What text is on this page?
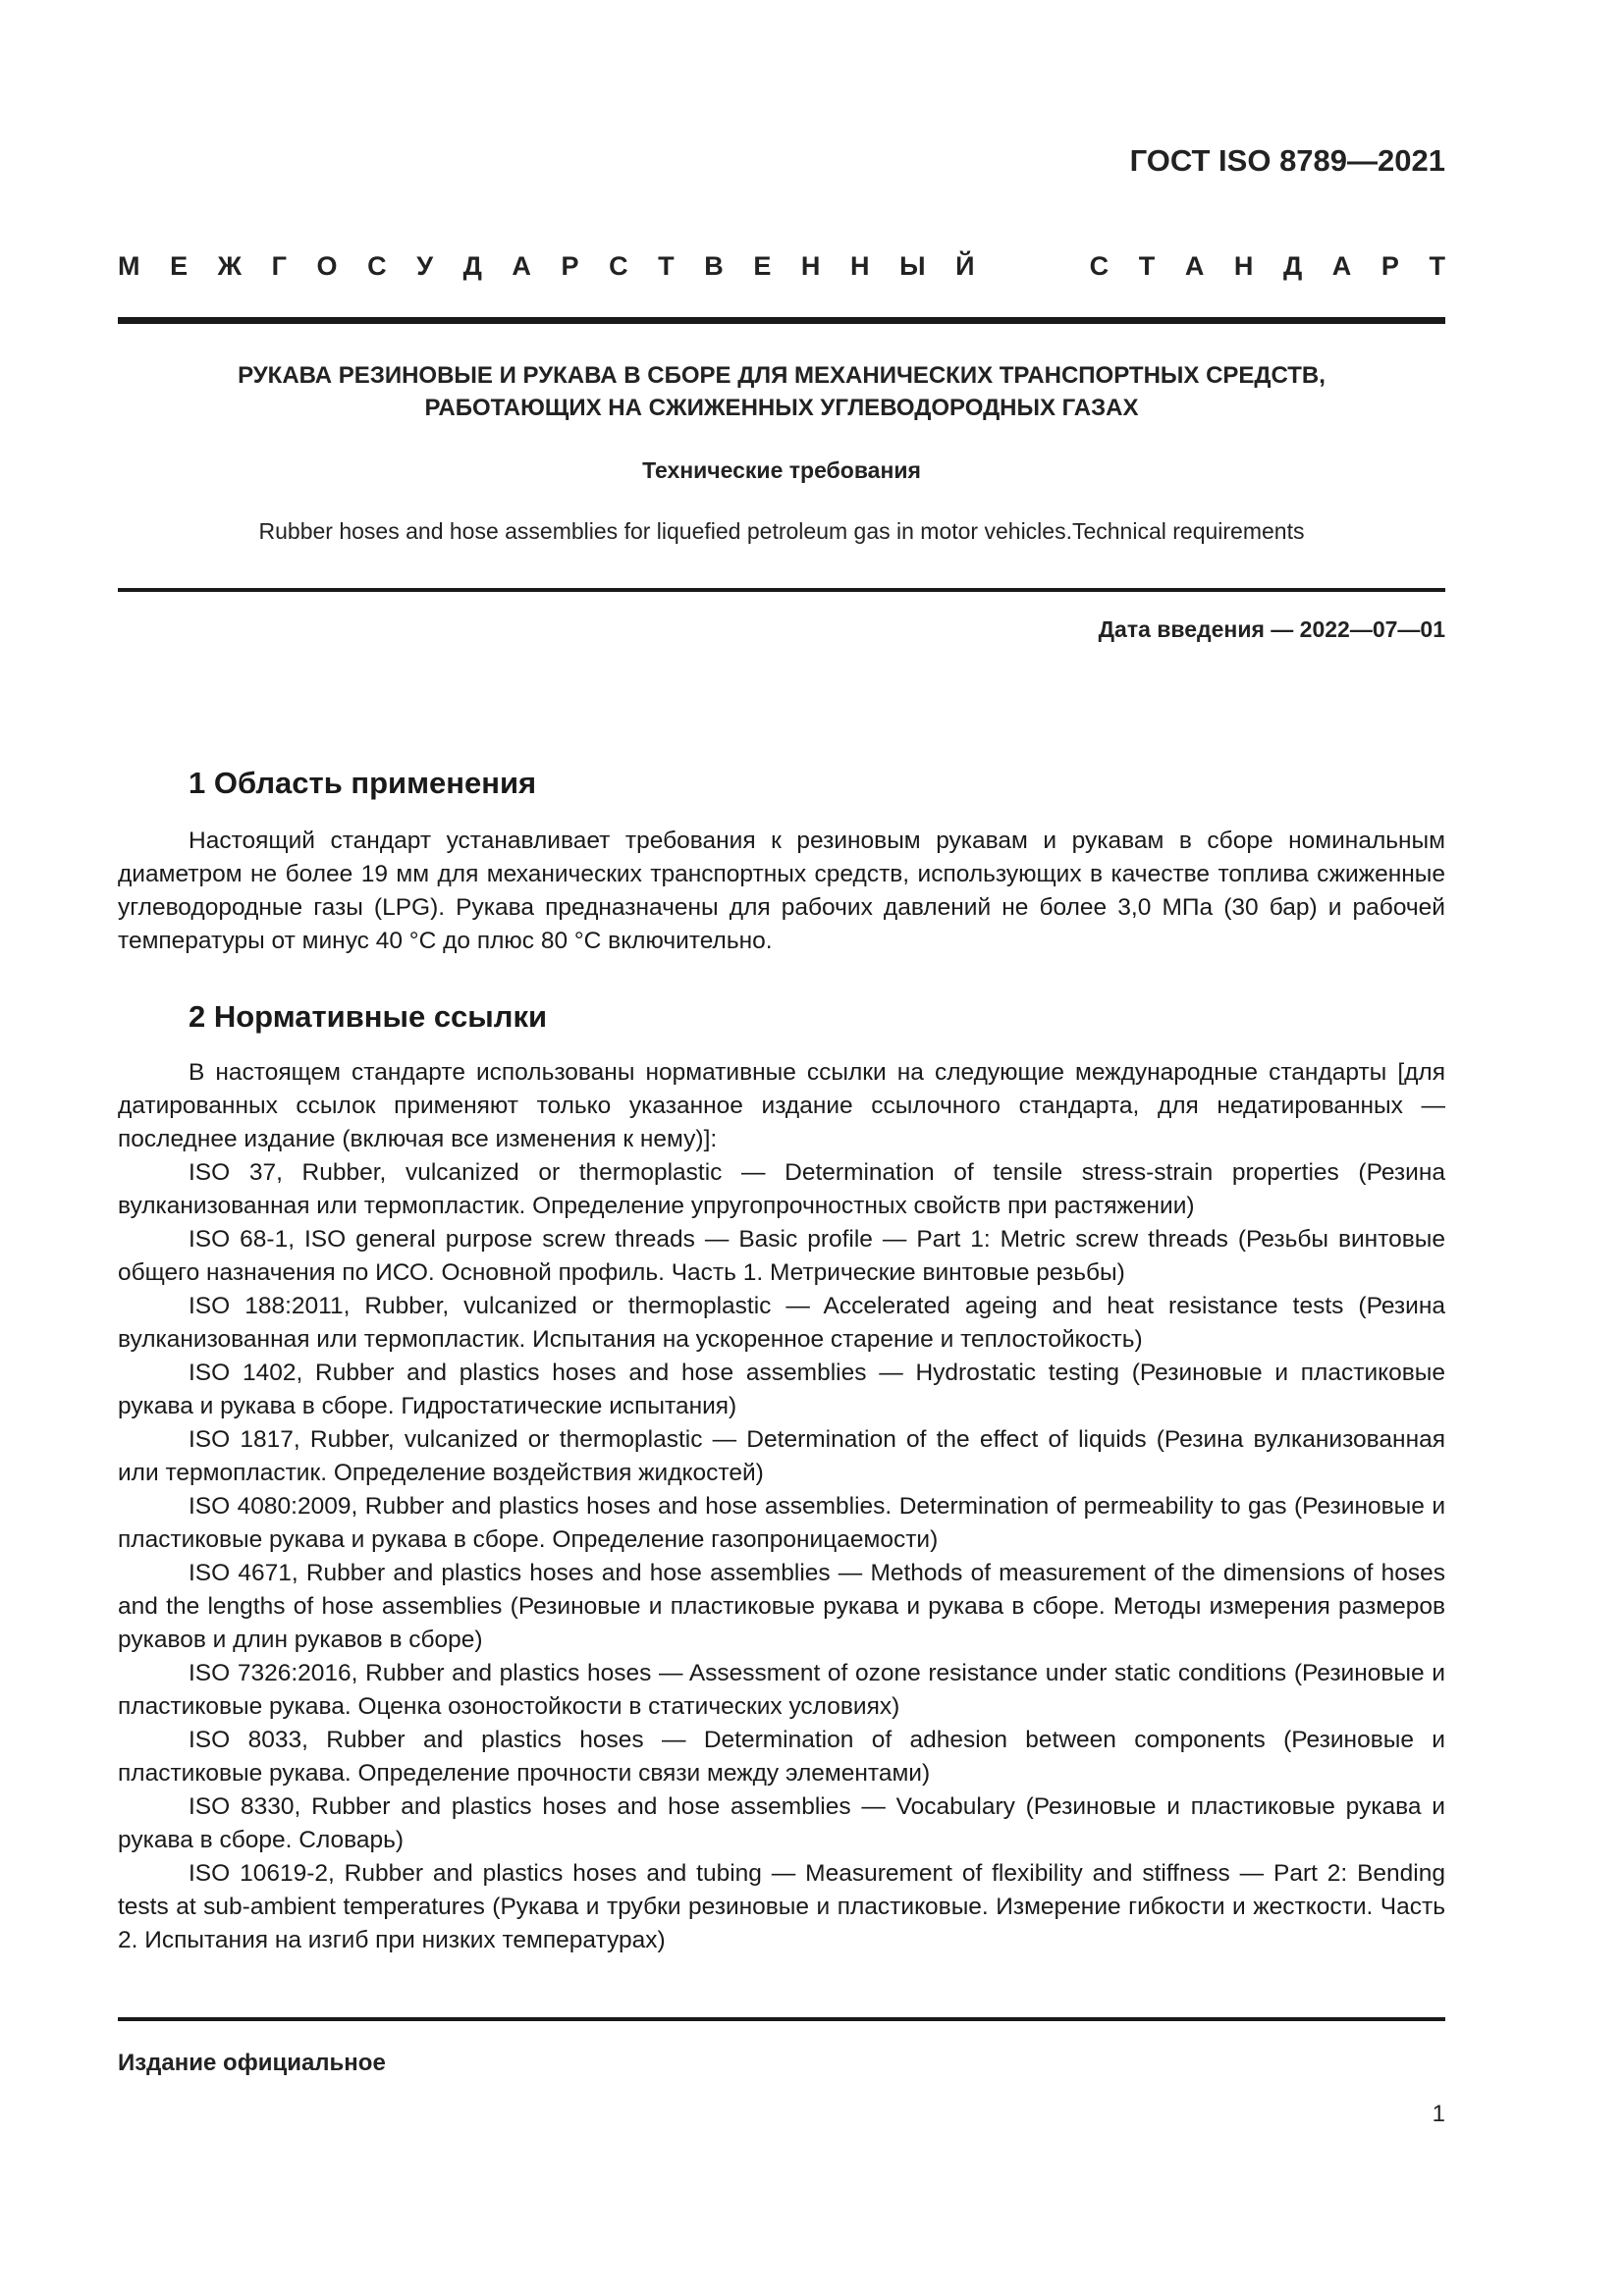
ГОСТ ISO 8789—2021
М Е Ж Г О С У Д А Р С Т В Е Н Н Ы Й	С Т А Н Д А Р Т
РУКАВА РЕЗИНОВЫЕ И РУКАВА В СБОРЕ ДЛЯ МЕХАНИЧЕСКИХ ТРАНСПОРТНЫХ СРЕДСТВ,
РАБОТАЮЩИХ НА СЖИЖЕННЫХ УГЛЕВОДОРОДНЫХ ГАЗАХ
Технические требования
Rubber hoses and hose assemblies for liquefied petroleum gas in motor vehicles.Technical requirements
Дата введения — 2022—07—01
1 Область применения

Настоящий стандарт устанавливает требования к резиновым рукавам и рукавам в сборе номинальным диаметром не более 19 мм для механических транспортных средств, использующих в качестве топлива сжиженные углеводородные газы (LPG). Рукава предназначены для рабочих давлений не более 3,0 МПа (30 бар) и рабочей температуры от минус 40 °С до плюс 80 °С включительно.

2 Нормативные ссылки

В настоящем стандарте использованы нормативные ссылки на следующие международные стандарты [для датированных ссылок применяют только указанное издание ссылочного стандарта, для недатированных — последнее издание (включая все изменения к нему)]:

ISO 37, Rubber, vulcanized or thermoplastic — Determination of tensile stress-strain properties (Резина вулканизованная или термопластик. Определение упругопрочностных свойств при растяжении)

ISO 68-1, ISO general purpose screw threads — Basic profile — Part 1: Metric screw threads (Резьбы винтовые общего назначения по ИСО. Основной профиль. Часть 1. Метрические винтовые резьбы)

ISO 188:2011, Rubber, vulcanized or thermoplastic — Accelerated ageing and heat resistance tests (Резина вулканизованная или термопластик. Испытания на ускоренное старение и теплостойкость)

ISO 1402, Rubber and plastics hoses and hose assemblies — Hydrostatic testing (Резиновые и пластиковые рукава и рукава в сборе. Гидростатические испытания)

ISO 1817, Rubber, vulcanized or thermoplastic — Determination of the effect of liquids (Резина вулканизованная или термопластик. Определение воздействия жидкостей)

ISO 4080:2009, Rubber and plastics hoses and hose assemblies. Determination of permeability to gas (Резиновые и пластиковые рукава и рукава в сборе. Определение газопроницаемости)

ISO 4671, Rubber and plastics hoses and hose assemblies — Methods of measurement of the dimensions of hoses and the lengths of hose assemblies (Резиновые и пластиковые рукава и рукава в сборе. Методы измерения размеров рукавов и длин рукавов в сборе)

ISO 7326:2016, Rubber and plastics hoses — Assessment of ozone resistance under static conditions (Резиновые и пластиковые рукава. Оценка озоностойкости в статических условиях)

ISO 8033, Rubber and plastics hoses — Determination of adhesion between components (Резиновые и пластиковые рукава. Определение прочности связи между элементами)

ISO 8330, Rubber and plastics hoses and hose assemblies — Vocabulary (Резиновые и пластиковые рукава и рукава в сборе. Словарь)

ISO 10619-2, Rubber and plastics hoses and tubing — Measurement of flexibility and stiffness — Part 2: Bending tests at sub-ambient temperatures (Рукава и трубки резиновые и пластиковые. Измерение гибкости и жесткости. Часть 2. Испытания на изгиб при низких температурах)

Издание официальное
1
